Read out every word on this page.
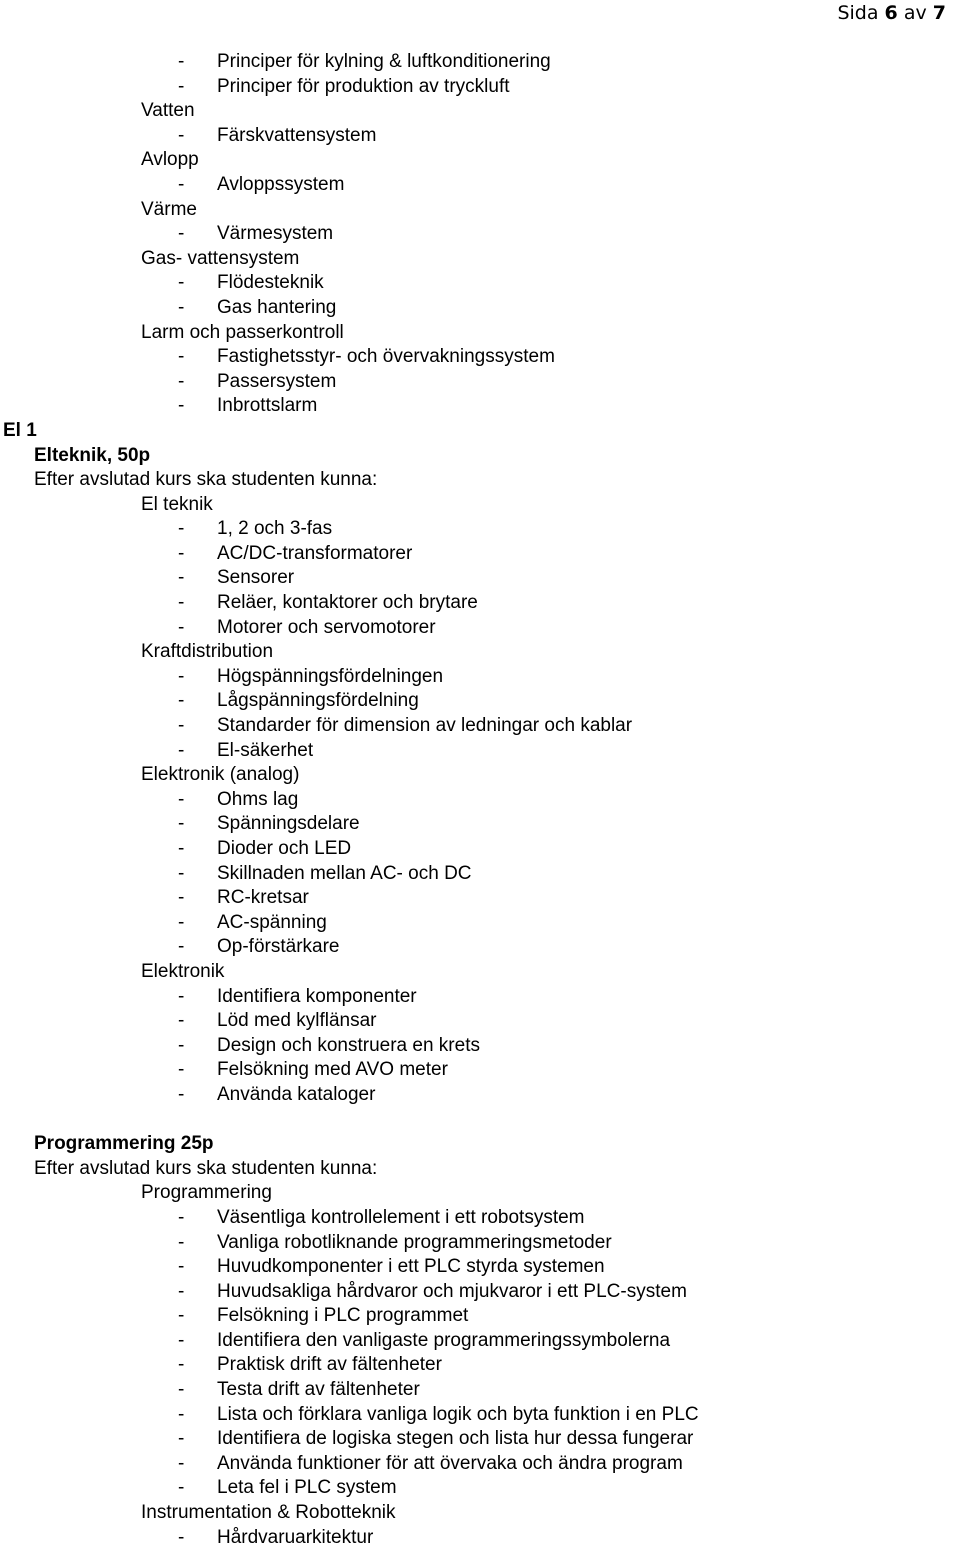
Sida 6 av 7
- Principer för kylning & luftkonditionering
- Principer för produktion av tryckluft
Vatten
- Färskvattensystem
Avlopp
- Avloppssystem
Värme
- Värmesystem
Gas- vattensystem
- Flödesteknik
- Gas hantering
Larm och passerkontroll
- Fastighetsstyr- och övervakningssystem
- Passersystem
- Inbrottslarm
El 1
Elteknik, 50p
Efter avslutad kurs ska studenten kunna:
El teknik
- 1, 2 och 3-fas
- AC/DC-transformatorer
- Sensorer
- Reläer, kontaktorer och brytare
- Motorer och servomotorer
Kraftdistribution
- Högspänningsfördelningen
- Lågspänningsfördelning
- Standarder för dimension av ledningar och kablar
- El-säkerhet
Elektronik (analog)
- Ohms lag
- Spänningsdelare
- Dioder och LED
- Skillnaden mellan AC- och DC
- RC-kretsar
- AC-spänning
- Op-förstärkare
Elektronik
- Identifiera komponenter
- Löd med kylflänsar
- Design och konstruera en krets
- Felsökning med AVO meter
- Använda kataloger
Programmering 25p
Efter avslutad kurs ska studenten kunna:
Programmering
- Väsentliga kontrollelement i ett robotsystem
- Vanliga robotliknande programmeringsmetoder
- Huvudkomponenter i ett PLC styrda systemen
- Huvudsakliga hårdvaror och mjukvaror i ett PLC-system
- Felsökning i PLC programmet
- Identifiera den vanligaste programmeringssymbolerna
- Praktisk drift av fältenheter
- Testa drift av fältenheter
- Lista och förklara vanliga logik och byta funktion i en PLC
- Identifiera de logiska stegen och lista hur dessa fungerar
- Använda funktioner för att övervaka och ändra program
- Leta fel i PLC system
Instrumentation & Robotteknik
- Hårdvaruarkitektur
